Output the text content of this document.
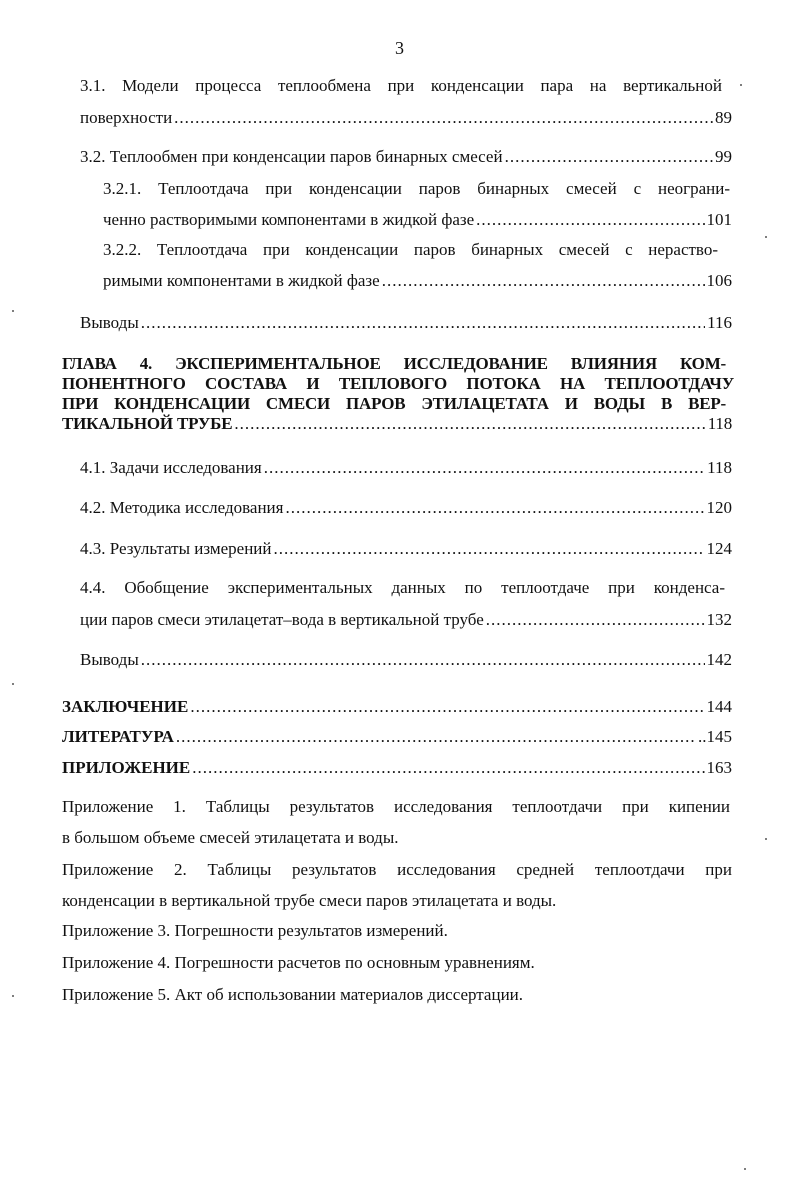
3
3.1. Модели процесса теплообмена при конденсации пара на вертикальной
поверхности .....	89
3.2. Теплообмен при конденсации паров бинарных смесей .....	99
3.2.1. Теплоотдача при конденсации паров бинарных смесей с неограни-
ченно растворимыми компонентами в жидкой фазе .....	101
3.2.2. Теплоотдача при конденсации паров бинарных смесей с нераство-
римыми компонентами в жидкой фазе .....	106
Выводы .....	116
ГЛАВА 4. ЭКСПЕРИМЕНТАЛЬНОЕ ИССЛЕДОВАНИЕ ВЛИЯНИЯ КОМ-
ПОНЕНТНОГО СОСТАВА И ТЕПЛОВОГО ПОТОКА НА ТЕПЛООТДАЧУ
ПРИ КОНДЕНСАЦИИ СМЕСИ ПАРОВ ЭТИЛАЦЕТАТА И ВОДЫ В ВЕР-
ТИКАЛЬНОЙ ТРУБЕ .....	118
4.1. Задачи исследования .....	118
4.2. Методика исследования .....	120
4.3. Результаты измерений .....	124
4.4. Обобщение экспериментальных данных по теплоотдаче при конденса-
ции паров смеси этилацетат–вода в вертикальной трубе .....	132
Выводы .....	142
ЗАКЛЮЧЕНИЕ .....	144
ЛИТЕРАТУРА .....	..145
ПРИЛОЖЕНИЕ .....	163
Приложение 1. Таблицы результатов исследования теплоотдачи при кипении
в большом объеме смесей этилацетата и воды.
Приложение 2. Таблицы результатов исследования средней теплоотдачи при
конденсации в вертикальной трубе смеси паров этилацетата и воды.
Приложение 3. Погрешности результатов измерений.
Приложение 4. Погрешности расчетов по основным уравнениям.
Приложение 5. Акт об использовании материалов диссертации.
